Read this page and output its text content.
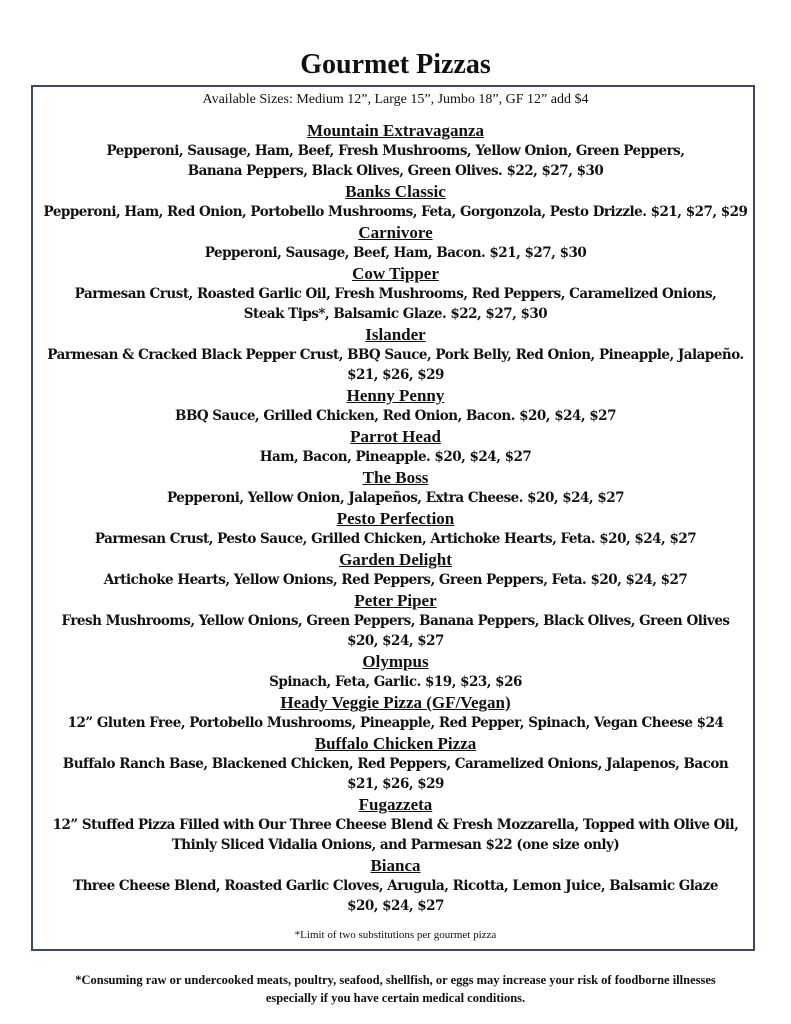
Gourmet Pizzas
Available Sizes: Medium 12”, Large 15”, Jumbo 18”, GF 12” add $4

Mountain Extravaganza

Pepperoni, Sausage, Ham, Beef, Fresh Mushrooms, Yellow Onion, Green Peppers,
Banana Peppers, Black Olives, Green Olives. $22, $27, $30

Banks Classic

Pepperoni, Ham, Red Onion, Portobello Mushrooms, Feta, Gorgonzola, Pesto Drizzle. $21, $27, $29

Carnivore

Pepperoni, Sausage, Beef, Ham, Bacon. $21, $27, $30

Cow Tipper

Parmesan Crust, Roasted Garlic Oil, Fresh Mushrooms, Red Peppers, Caramelized Onions,
Steak Tips*, Balsamic Glaze. $22, $27, $30

Islander

Parmesan & Cracked Black Pepper Crust, BBQ Sauce, Pork Belly, Red Onion, Pineapple, Jalapeño.
$21, $26, $29

Henny Penny

BBQ Sauce, Grilled Chicken, Red Onion, Bacon. $20, $24, $27

Parrot Head

Ham, Bacon, Pineapple. $20, $24, $27

The Boss

Pepperoni, Yellow Onion, Jalapeños, Extra Cheese. $20, $24, $27

Pesto Perfection

Parmesan Crust, Pesto Sauce, Grilled Chicken, Artichoke Hearts, Feta. $20, $24, $27

Garden Delight

Artichoke Hearts, Yellow Onions, Red Peppers, Green Peppers, Feta. $20, $24, $27

Peter Piper

Fresh Mushrooms, Yellow Onions, Green Peppers, Banana Peppers, Black Olives, Green Olives
$20, $24, $27

Olympus

Spinach, Feta, Garlic. $19, $23, $26

Heady Veggie Pizza (GF/Vegan)

12” Gluten Free, Portobello Mushrooms, Pineapple, Red Pepper, Spinach, Vegan Cheese $24

Buffalo Chicken Pizza

Buffalo Ranch Base, Blackened Chicken, Red Peppers, Caramelized Onions, Jalapenos, Bacon
$21, $26, $29

Fugazzeta

12” Stuffed Pizza Filled with Our Three Cheese Blend & Fresh Mozzarella, Topped with Olive Oil,
Thinly Sliced Vidalia Onions, and Parmesan $22 (one size only)

Bianca

Three Cheese Blend, Roasted Garlic Cloves, Arugula, Ricotta, Lemon Juice, Balsamic Glaze
$20, $24, $27

*Limit of two substitutions per gourmet pizza
*Consuming raw or undercooked meats, poultry, seafood, shellfish, or eggs may increase your risk of foodborne illnesses
especially if you have certain medical conditions.
